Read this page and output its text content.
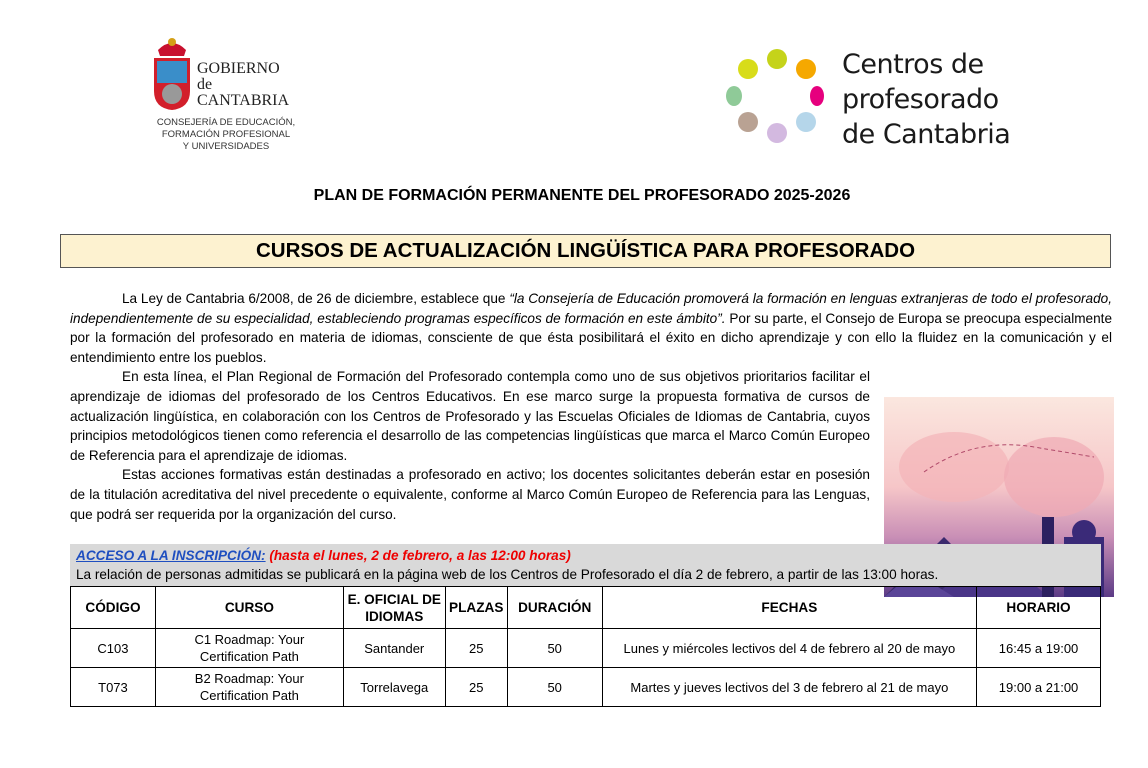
GOBIERNO
de
CANTABRIA
CONSEJERÍA DE EDUCACIÓN,
FORMACIÓN PROFESIONAL
Y UNIVERSIDADES
Centros de
profesorado
de Cantabria
PLAN DE FORMACIÓN PERMANENTE DEL PROFESORADO 2025-2026
CURSOS DE ACTUALIZACIÓN LINGÜÍSTICA PARA PROFESORADO

La Ley de Cantabria 6/2008, de 26 de diciembre, establece que “la Consejería de Educación promoverá la formación en lenguas extranjeras de todo el profesorado, independientemente de su especialidad, estableciendo programas específicos de formación en este ámbito”. Por su parte, el Consejo de Europa se preocupa especialmente por la formación del profesorado en materia de idiomas, consciente de que ésta posibilitará el éxito en dicho aprendizaje y con ello la fluidez en la comunicación y el entendimiento entre los pueblos.

En esta línea, el Plan Regional de Formación del Profesorado contempla como uno de sus objetivos prioritarios facilitar el aprendizaje de idiomas del profesorado de los Centros Educativos. En ese marco surge la propuesta formativa de cursos de actualización lingüística, en colaboración con los Centros de Profesorado y las Escuelas Oficiales de Idiomas de Cantabria, cuyos principios metodológicos tienen como referencia el desarrollo de las competencias lingüísticas que marca el Marco Común Europeo de Referencia para el aprendizaje de idiomas.

Estas acciones formativas están destinadas a profesorado en activo; los docentes solicitantes deberán estar en posesión de la titulación acreditativa del nivel precedente o equivalente, conforme al Marco Común Europeo de Referencia para las Lenguas, que podrá ser requerida por la organización del curso.

ACCESO A LA INSCRIPCIÓN: (hasta el lunes, 2 de febrero, a las 12:00 horas)
La relación de personas admitidas se publicará en la página web de los Centros de Profesorado el día 2 de febrero, a partir de las 13:00 horas.
CÓDIGO	CURSO	E. OFICIAL DE IDIOMAS	PLAZAS	DURACIÓN	FECHAS	HORARIO
C103	C1 Roadmap: Your Certification Path	Santander	25	50	Lunes y miércoles lectivos del 4 de febrero al 20 de mayo	16:45 a 19:00
T073	B2 Roadmap: Your Certification Path	Torrelavega	25	50	Martes y jueves lectivos del 3 de febrero al 21 de mayo	19:00 a 21:00
